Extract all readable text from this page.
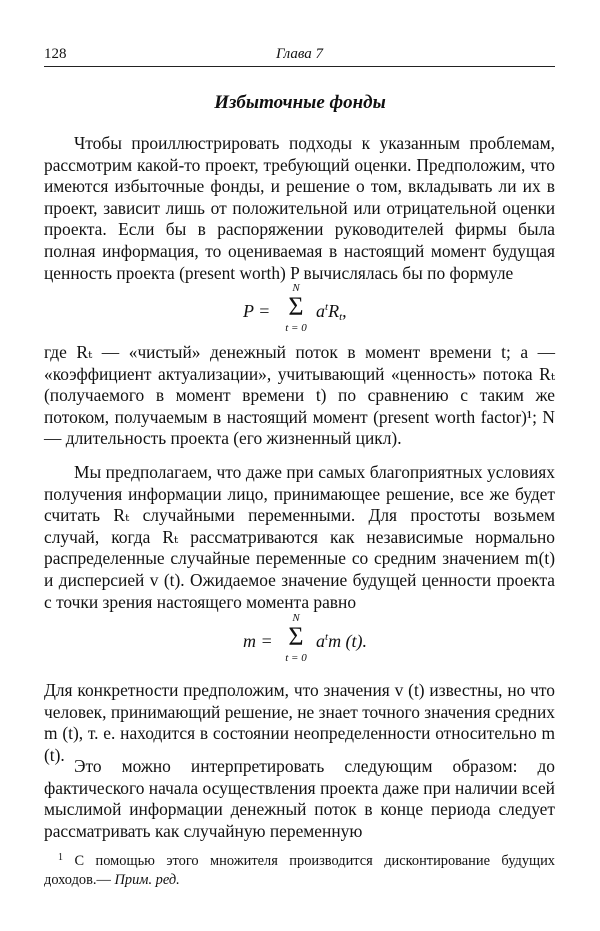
128	Глава 7
Избыточные фонды
Чтобы проиллюстрировать подходы к указанным проблемам, рассмотрим какой-то проект, требующий оценки. Предположим, что имеются избыточные фонды, и решение о том, вкладывать ли их в проект, зависит лишь от положительной или отрицательной оценки проекта. Если бы в распоряжении руководителей фирмы была полная информация, то оцениваемая в настоящий момент будущая ценность проекта (present worth) P вычислялась бы по формуле
P =
N
Σ
t = 0
$a^tR_t$,
где Rₜ — «чистый» денежный поток в момент времени t; a — «коэффициент актуализации», учитывающий «ценность» потока Rₜ (получаемого в момент времени t) по сравнению с таким же потоком, получаемым в настоящий момент (present worth factor)¹; N — длительность проекта (его жизненный цикл).
Мы предполагаем, что даже при самых благоприятных условиях получения информации лицо, принимающее решение, все же будет считать Rₜ случайными переменными. Для простоты возьмем случай, когда Rₜ рассматриваются как независимые нормально распределенные случайные переменные со средним значением m(t) и дисперсией v (t). Ожидаемое значение будущей ценности проекта с точки зрения настоящего момента равно
m =
N
Σ
t = 0
$a^tm$ (t).
Для конкретности предположим, что значения v (t) известны, но что человек, принимающий решение, не знает точного значения средних m (t), т. е. находится в состоянии неопределенности относительно m (t).
Это можно интерпретировать следующим образом: до фактического начала осуществления проекта даже при наличии всей мыслимой информации денежный поток в конце периода следует рассматривать как случайную переменную
$^1$ С помощью этого множителя производится дисконтирование будущих доходов.— Прим. ред.
